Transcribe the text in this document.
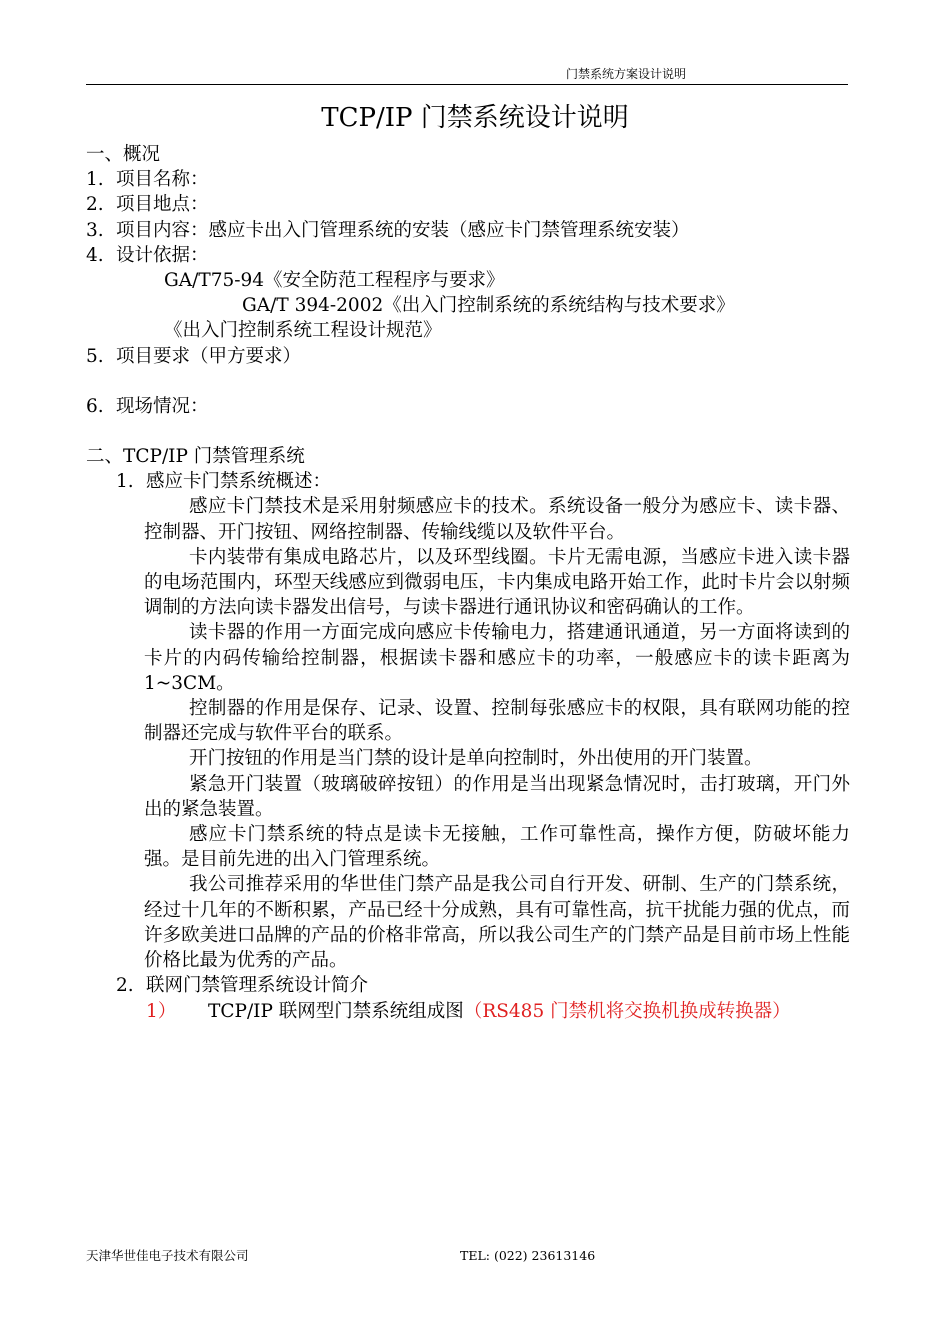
门禁系统方案设计说明
TCP/IP 门禁系统设计说明
一、概况
1. 项目名称：
2. 项目地点：
3. 项目内容：感应卡出入门管理系统的安装（感应卡门禁管理系统安装）
4. 设计依据：
GA/T75-94《安全防范工程程序与要求》
GA/T 394-2002《出入门控制系统的系统结构与技术要求》
《出入门控制系统工程设计规范》
5. 项目要求（甲方要求）
6. 现场情况：
二、TCP/IP 门禁管理系统
1. 感应卡门禁系统概述：
感应卡门禁技术是采用射频感应卡的技术。系统设备一般分为感应卡、读卡器、控制器、开门按钮、网络控制器、传输线缆以及软件平台。
卡内装带有集成电路芯片，以及环型线圈。卡片无需电源，当感应卡进入读卡器的电场范围内，环型天线感应到微弱电压，卡内集成电路开始工作，此时卡片会以射频调制的方法向读卡器发出信号，与读卡器进行通讯协议和密码确认的工作。
读卡器的作用一方面完成向感应卡传输电力，搭建通讯通道，另一方面将读到的卡片的内码传输给控制器，根据读卡器和感应卡的功率，一般感应卡的读卡距离为 1~3CM。
控制器的作用是保存、记录、设置、控制每张感应卡的权限，具有联网功能的控制器还完成与软件平台的联系。
开门按钮的作用是当门禁的设计是单向控制时，外出使用的开门装置。
紧急开门装置（玻璃破碎按钮）的作用是当出现紧急情况时，击打玻璃，开门外出的紧急装置。
感应卡门禁系统的特点是读卡无接触，工作可靠性高，操作方便，防破坏能力强。是目前先进的出入门管理系统。
我公司推荐采用的华世佳门禁产品是我公司自行开发、研制、生产的门禁系统，经过十几年的不断积累，产品已经十分成熟，具有可靠性高，抗干扰能力强的优点，而许多欧美进口品牌的产品的价格非常高，所以我公司生产的门禁产品是目前市场上性能价格比最为优秀的产品。
2. 联网门禁管理系统设计简介
1）	TCP/IP 联网型门禁系统组成图（RS485 门禁机将交换机换成转换器）
天津华世佳电子技术有限公司	TEL: (022) 23613146
